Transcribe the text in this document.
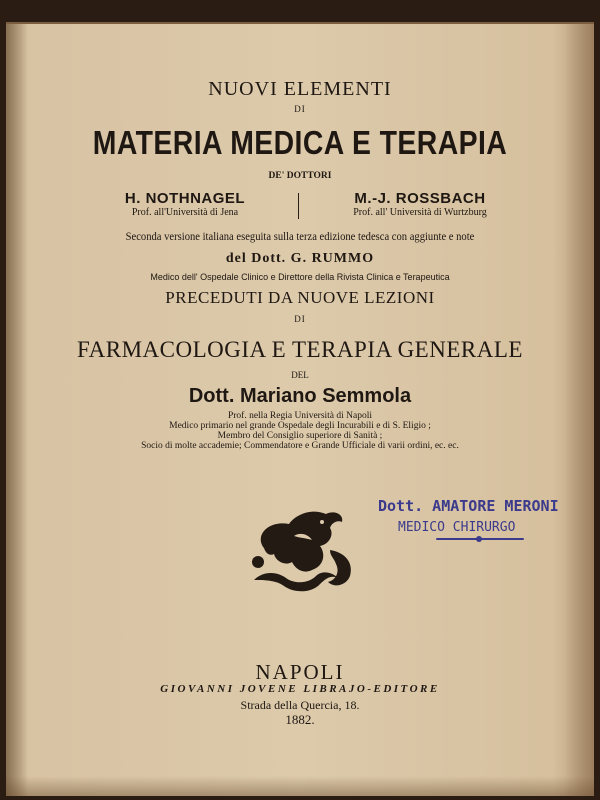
NUOVI ELEMENTI
DI
MATERIA MEDICA E TERAPIA
DE' DOTTORI
H. NOTHNAGEL
Prof. all'Università di Jena
M.-J. ROSSBACH
Prof. all' Università di Wurtzburg
Seconda versione italiana eseguita sulla terza edizione tedesca con aggiunte e note
del Dott. G. RUMMO
Medico dell' Ospedale Clinico e Direttore della Rivista Clinica e Terapeutica
PRECEDUTI DA NUOVE LEZIONI
DI
FARMACOLOGIA E TERAPIA GENERALE
DEL
Dott. Mariano Semmola
Prof. nella Regia Università di Napoli
Medico primario nel grande Ospedale degli Incurabili e di S. Eligio ;
Membro del Consiglio superiore di Sanità ;
Socio di molte accademie; Commendatore e Grande Ufficiale di varii ordini, ec. ec.
Dott. AMATORE MERONI
MEDICO CHIRURGO
NAPOLI
GIOVANNI JOVENE LIBRAJO-EDITORE
Strada della Quercia, 18.
1882.
